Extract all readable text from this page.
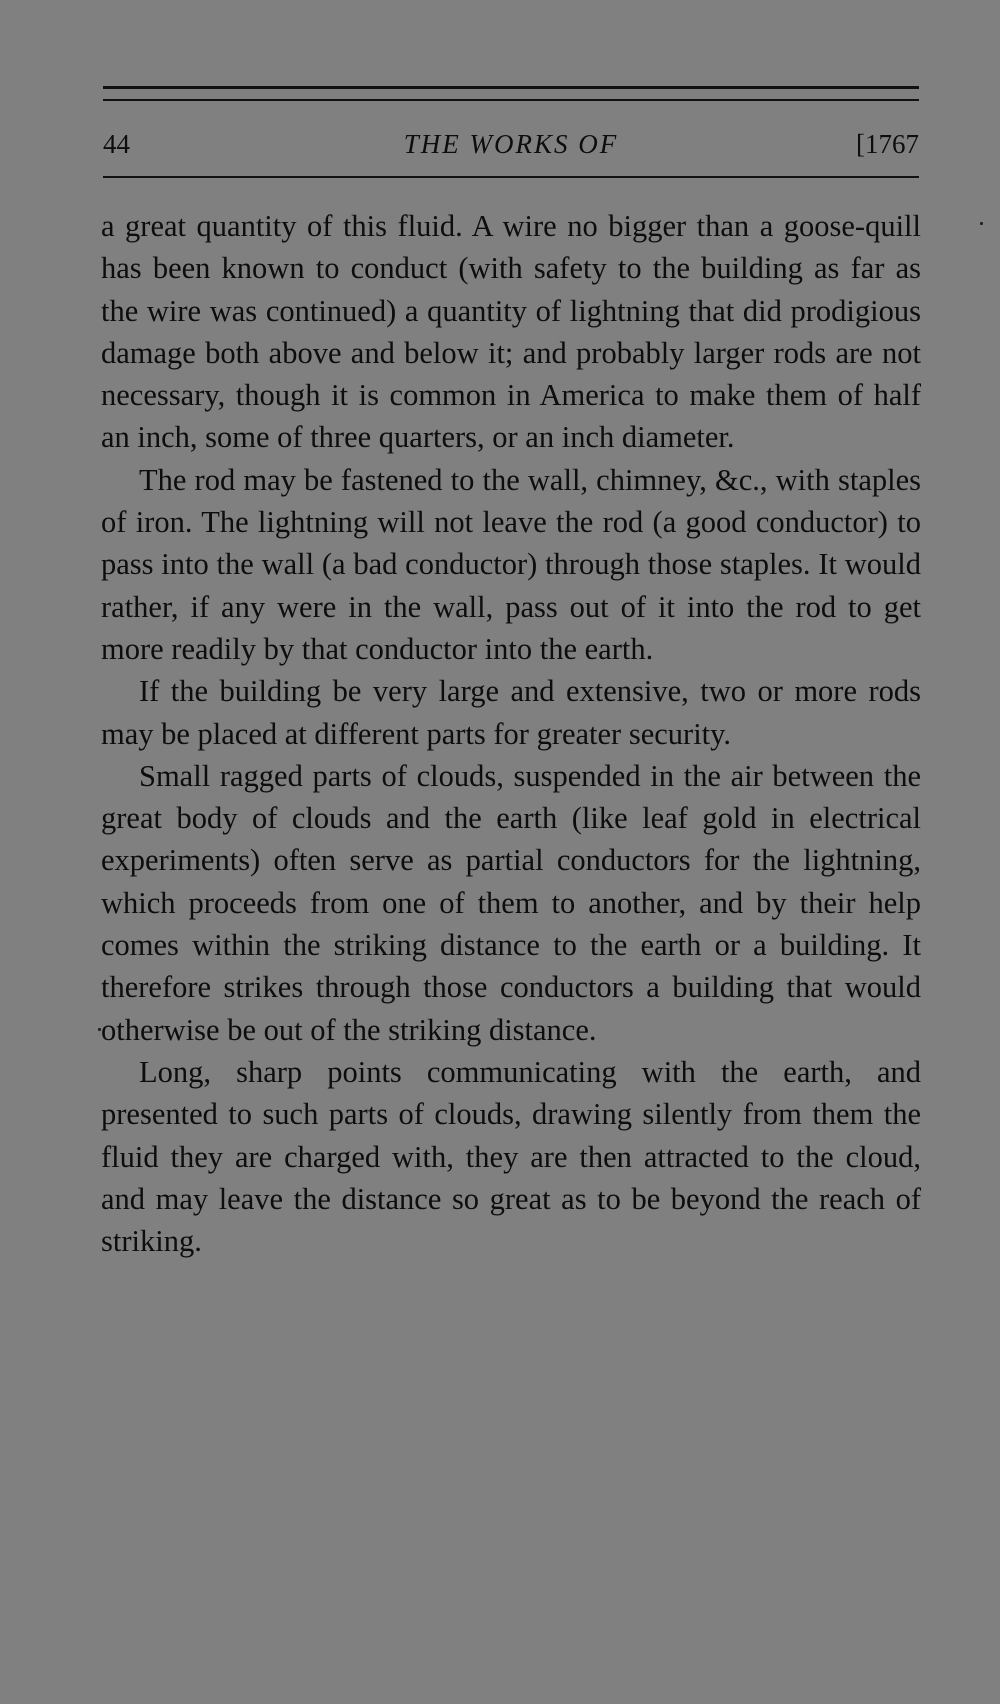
44	THE WORKS OF	[1767

a great quantity of this fluid. A wire no bigger than a goose-quill has been known to conduct (with safety to the building as far as the wire was continued) a quantity of lightning that did prodigious damage both above and below it; and probably larger rods are not necessary, though it is common in America to make them of half an inch, some of three quarters, or an inch diameter.

The rod may be fastened to the wall, chimney, &c., with staples of iron. The lightning will not leave the rod (a good conductor) to pass into the wall (a bad conductor) through those staples. It would rather, if any were in the wall, pass out of it into the rod to get more readily by that conductor into the earth.

If the building be very large and extensive, two or more rods may be placed at different parts for greater security.

Small ragged parts of clouds, suspended in the air between the great body of clouds and the earth (like leaf gold in electrical experiments) often serve as partial conductors for the lightning, which proceeds from one of them to another, and by their help comes within the striking distance to the earth or a building. It therefore strikes through those conductors a building that would otherwise be out of the striking distance.

Long, sharp points communicating with the earth, and presented to such parts of clouds, drawing silently from them the fluid they are charged with, they are then attracted to the cloud, and may leave the distance so great as to be beyond the reach of striking.
